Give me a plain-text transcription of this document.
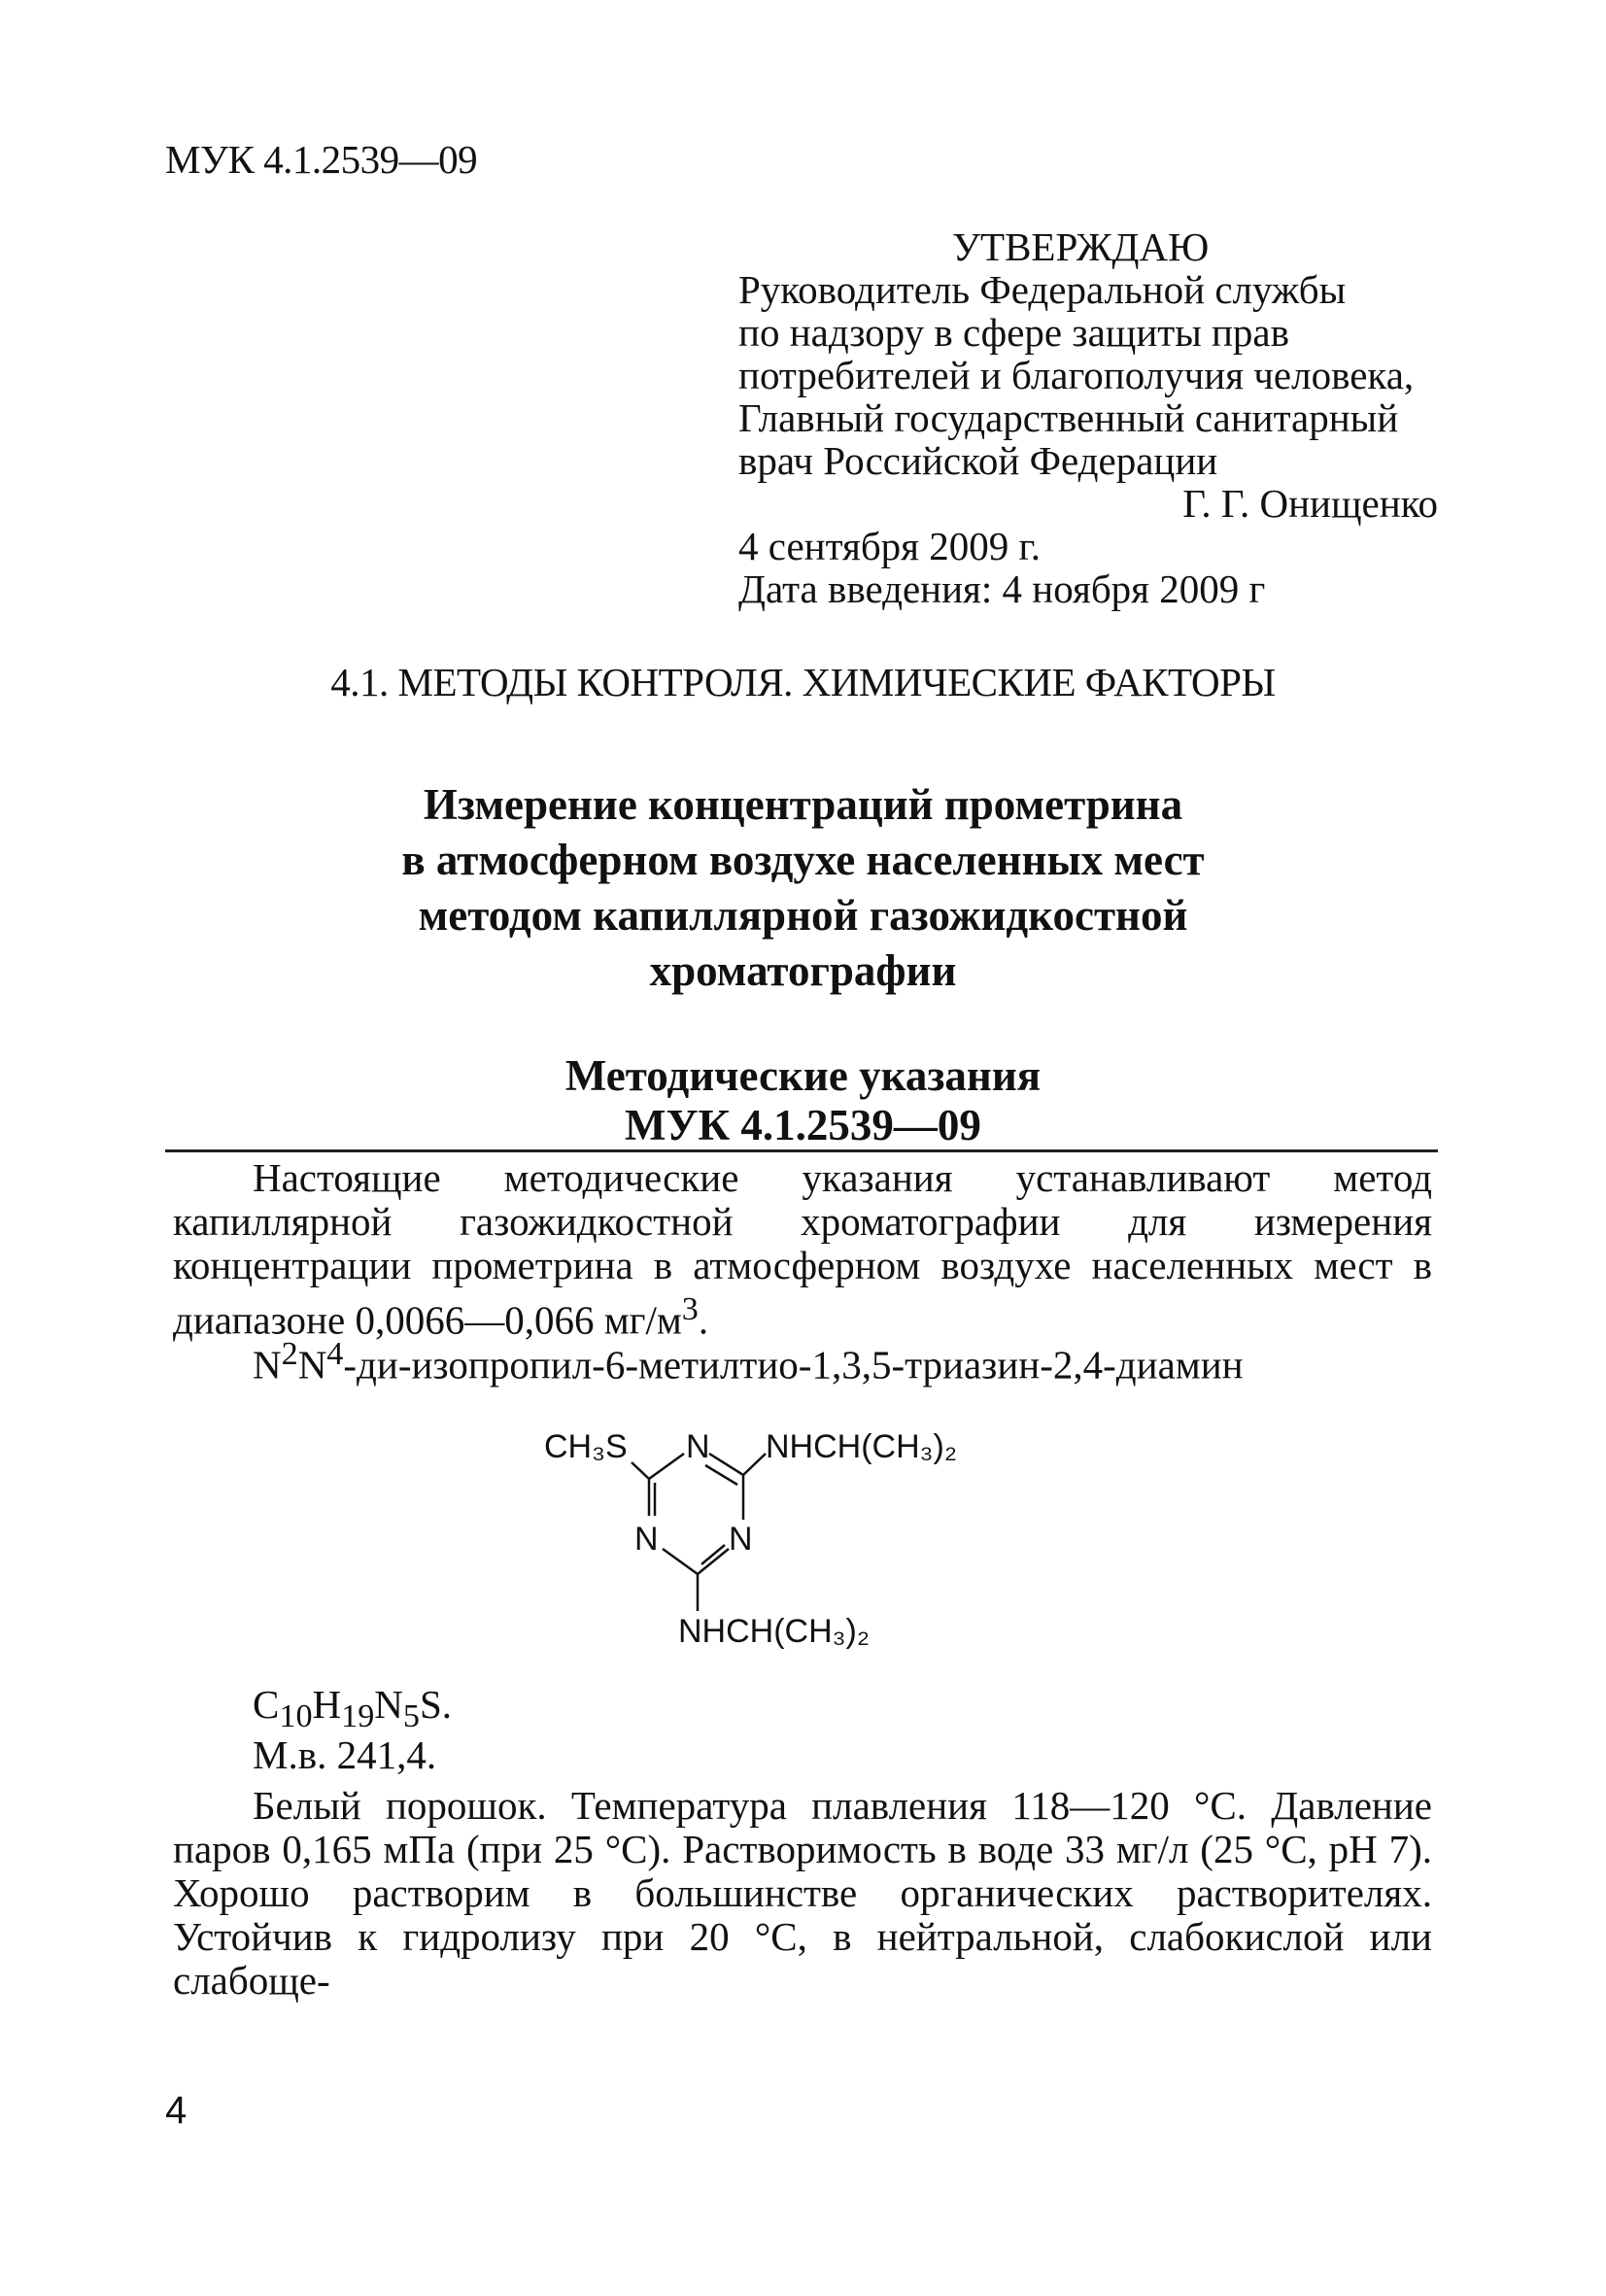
МУК 4.1.2539—09
УТВЕРЖДАЮ
Руководитель Федеральной службы
по надзору в сфере защиты прав
потребителей и благополучия человека,
Главный государственный санитарный
врач Российской Федерации
Г. Г. Онищенко
4 сентября 2009 г.
Дата введения: 4 ноября 2009 г
4.1. МЕТОДЫ КОНТРОЛЯ. ХИМИЧЕСКИЕ ФАКТОРЫ
Измерение концентраций прометрина
в атмосферном воздухе населенных мест
методом капиллярной газожидкостной
хроматографии
Методические указания
МУК 4.1.2539—09

Настоящие методические указания устанавливают метод капиллярной газожидкостной хроматографии для измерения концентрации прометрина в атмосферном воздухе населенных мест в диапазоне 0,0066—0,066 $мг/м^3$.

$N^2N^4-ди-изопропил-6-метилтио-1,3,5-триазин-2,4$-диамин
CH₃S N
N N
NHCH(CH₃)₂
NHCH(CH₃)₂
$C_{10}H_{19}N_5S$.
М.в. 241,4.

Белый порошок. Температура плавления 118—120 °С. Давление паров 0,165 мПа (при 25 °С). Растворимость в воде 33 мг/л (25 °С, рН 7). Хорошо растворим в большинстве органических растворителях. Устойчив к гидролизу при 20 °С, в нейтральной, слабокислой или слабоще-

4
